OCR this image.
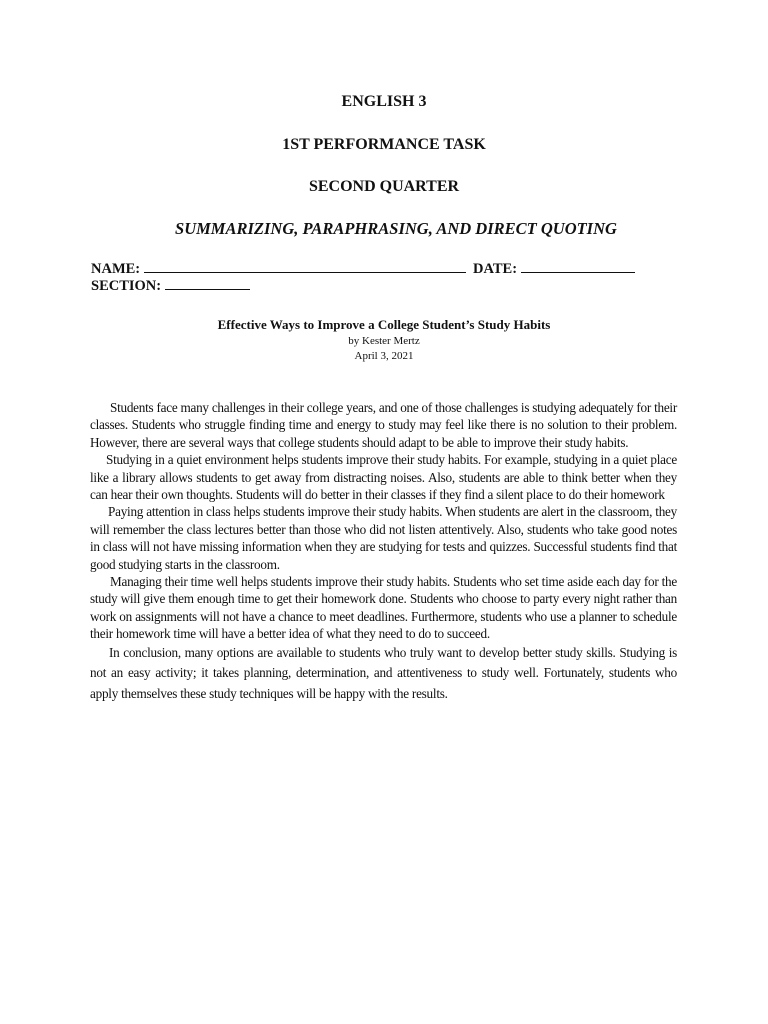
ENGLISH 3
1ST PERFORMANCE TASK
SECOND QUARTER
SUMMARIZING, PARAPHRASING, AND DIRECT QUOTING

NAME:	DATE:

SECTION:

Effective Ways to Improve a College Student’s Study Habits

by Kester Mertz

April 3, 2021

Students face many challenges in their college years, and one of those challenges is studying adequately for their classes. Students who struggle finding time and energy to study may feel like there is no solution to their problem. However, there are several ways that college students should adapt to be able to improve their study habits.

Studying in a quiet environment helps students improve their study habits. For example, studying in a quiet place like a library allows students to get away from distracting noises. Also, students are able to think better when they can hear their own thoughts. Students will do better in their classes if they find a silent place to do their homework

Paying attention in class helps students improve their study habits. When students are alert in the classroom, they will remember the class lectures better than those who did not listen attentively. Also, students who take good notes in class will not have missing information when they are studying for tests and quizzes. Successful students find that good studying starts in the classroom.

Managing their time well helps students improve their study habits. Students who set time aside each day for the study will give them enough time to get their homework done. Students who choose to party every night rather than work on assignments will not have a chance to meet deadlines. Furthermore, students who use a planner to schedule their homework time will have a better idea of what they need to do to succeed.

In conclusion, many options are available to students who truly want to develop better study skills. Studying is not an easy activity; it takes planning, determination, and attentiveness to study well. Fortunately, students who apply themselves these study techniques will be happy with the results.
